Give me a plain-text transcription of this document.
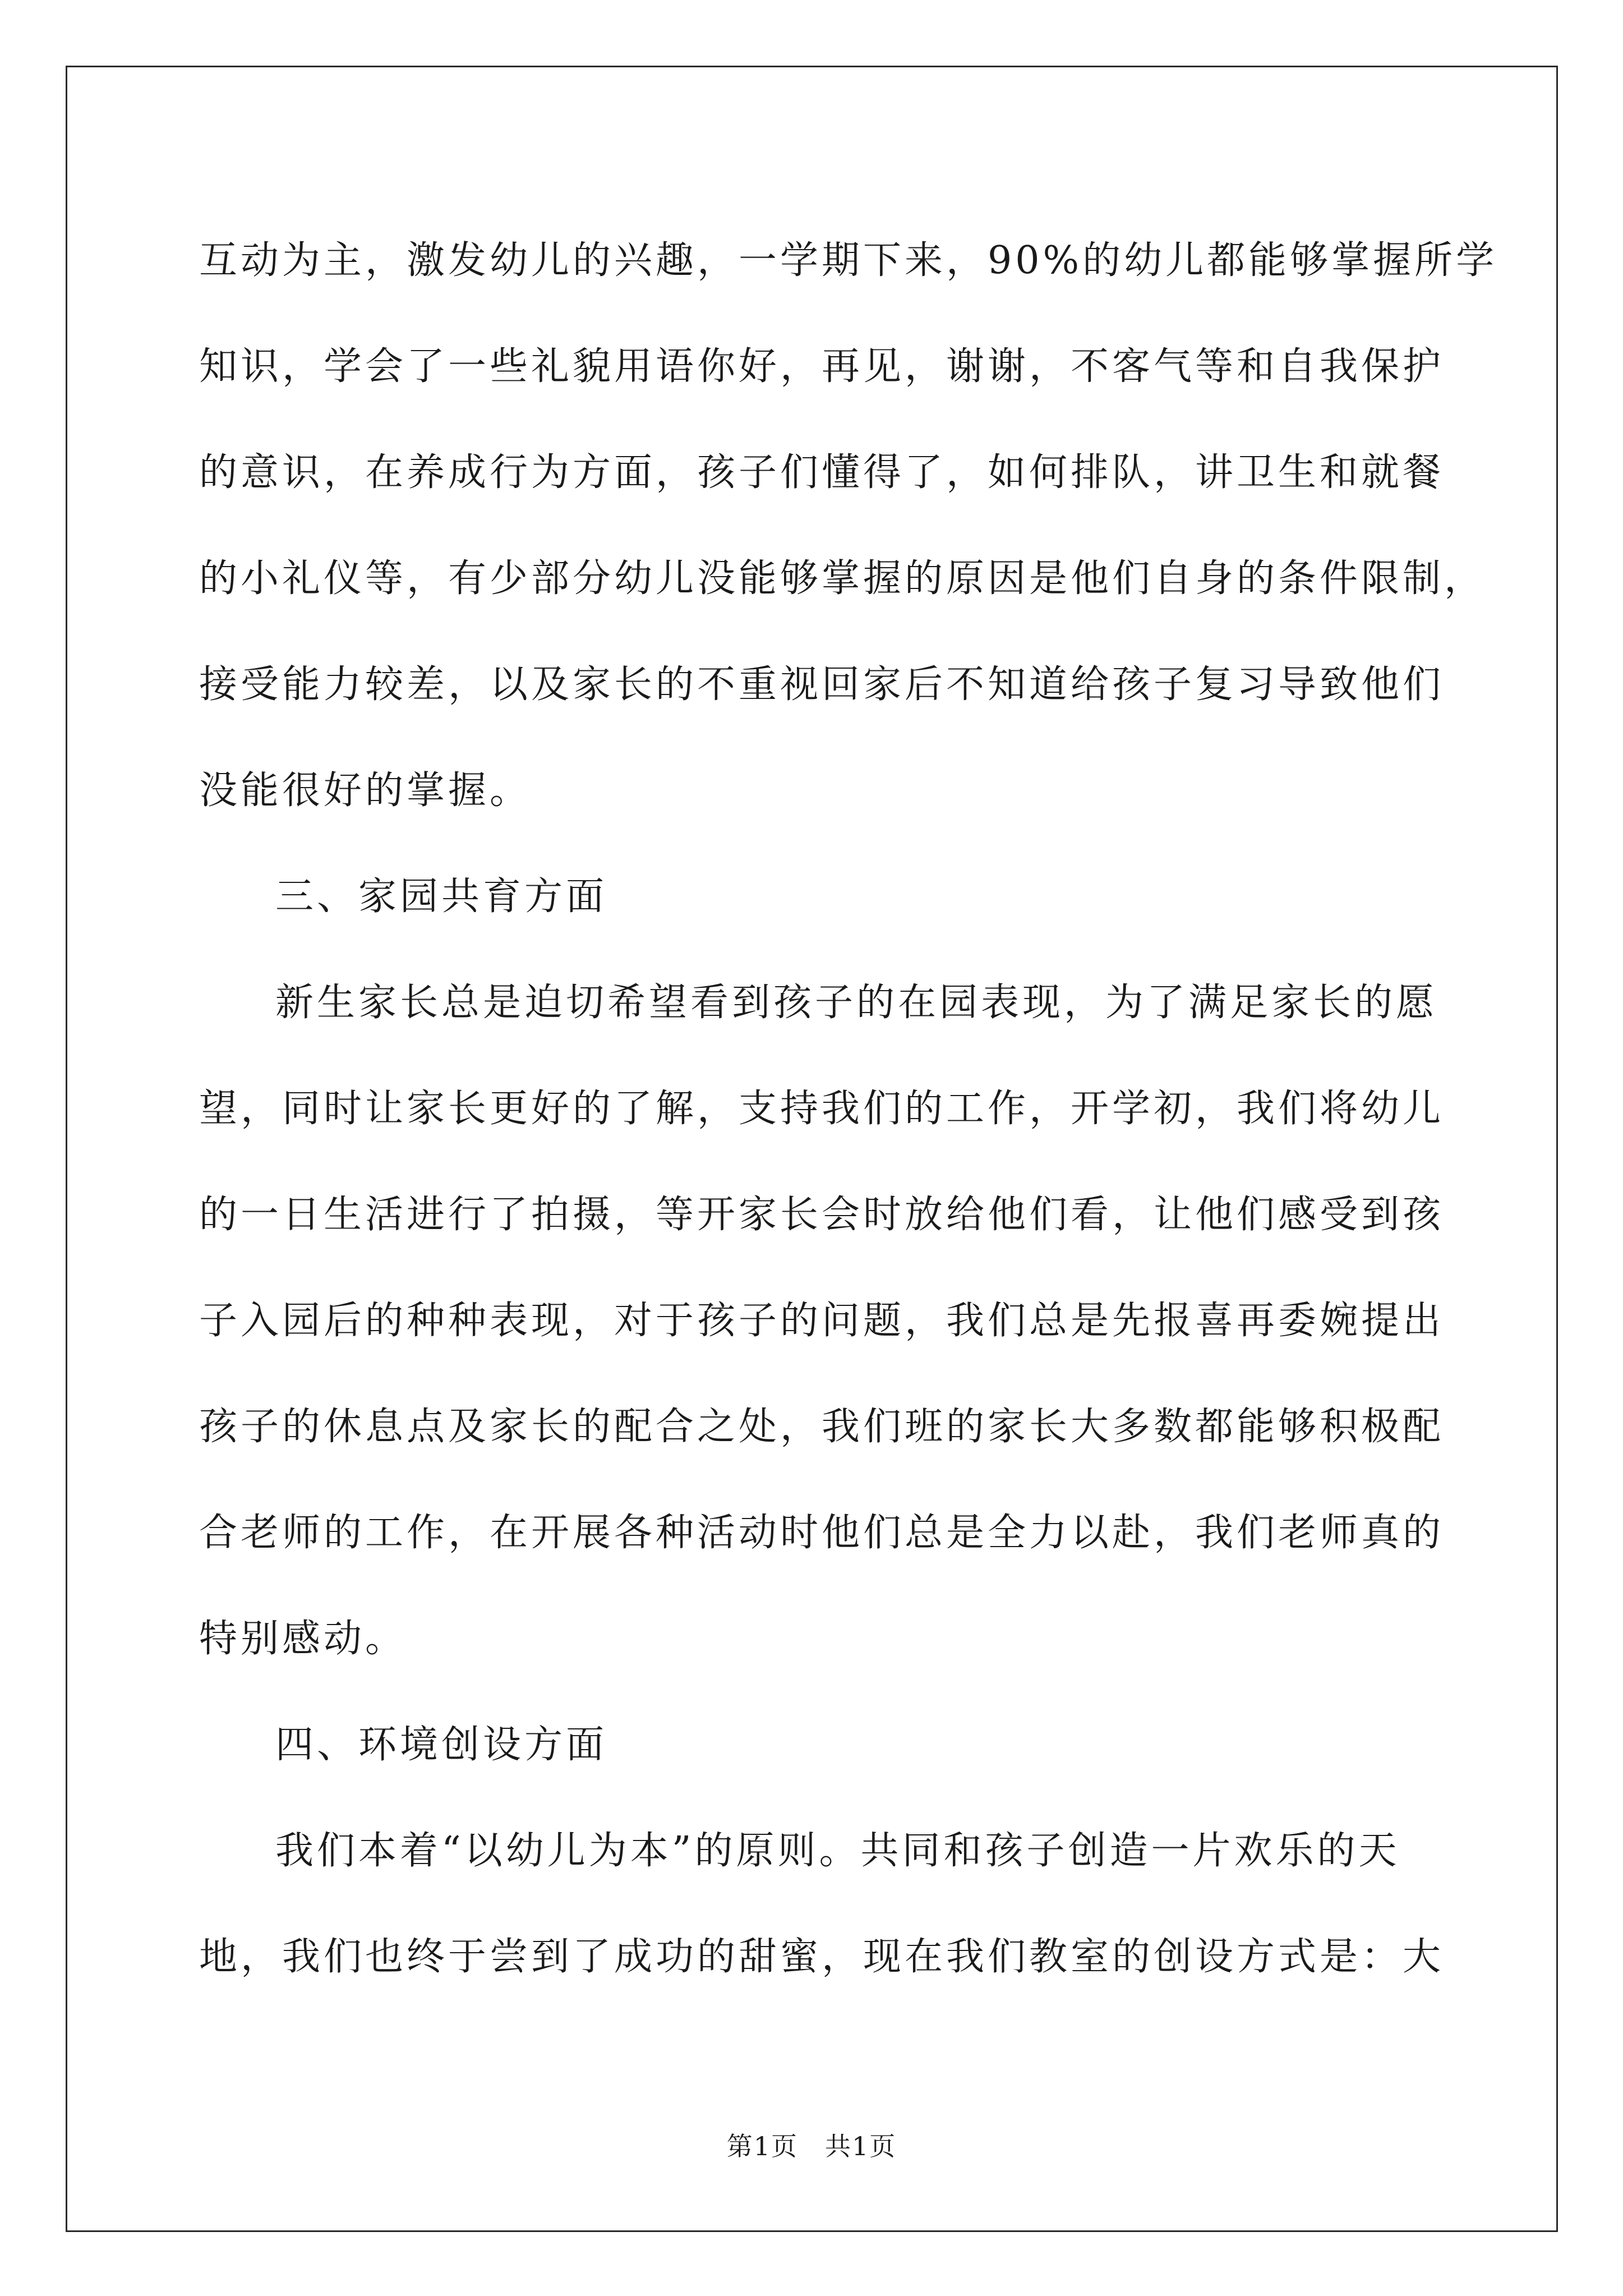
互动为主，激发幼儿的兴趣，一学期下来，90%的幼儿都能够掌握所学
知识，学会了一些礼貌用语你好，再见，谢谢，不客气等和自我保护
的意识，在养成行为方面，孩子们懂得了，如何排队，讲卫生和就餐
的小礼仪等，有少部分幼儿没能够掌握的原因是他们自身的条件限制，
接受能力较差，以及家长的不重视回家后不知道给孩子复习导致他们
没能很好的掌握。

三、家园共育方面

新生家长总是迫切希望看到孩子的在园表现，为了满足家长的愿
望，同时让家长更好的了解，支持我们的工作，开学初，我们将幼儿
的一日生活进行了拍摄，等开家长会时放给他们看，让他们感受到孩
子入园后的种种表现，对于孩子的问题，我们总是先报喜再委婉提出
孩子的休息点及家长的配合之处，我们班的家长大多数都能够积极配
合老师的工作，在开展各种活动时他们总是全力以赴，我们老师真的
特别感动。

四、环境创设方面

我们本着“以幼儿为本”的原则。共同和孩子创造一片欢乐的天
地，我们也终于尝到了成功的甜蜜，现在我们教室的创设方式是：大

第1页　共1页
